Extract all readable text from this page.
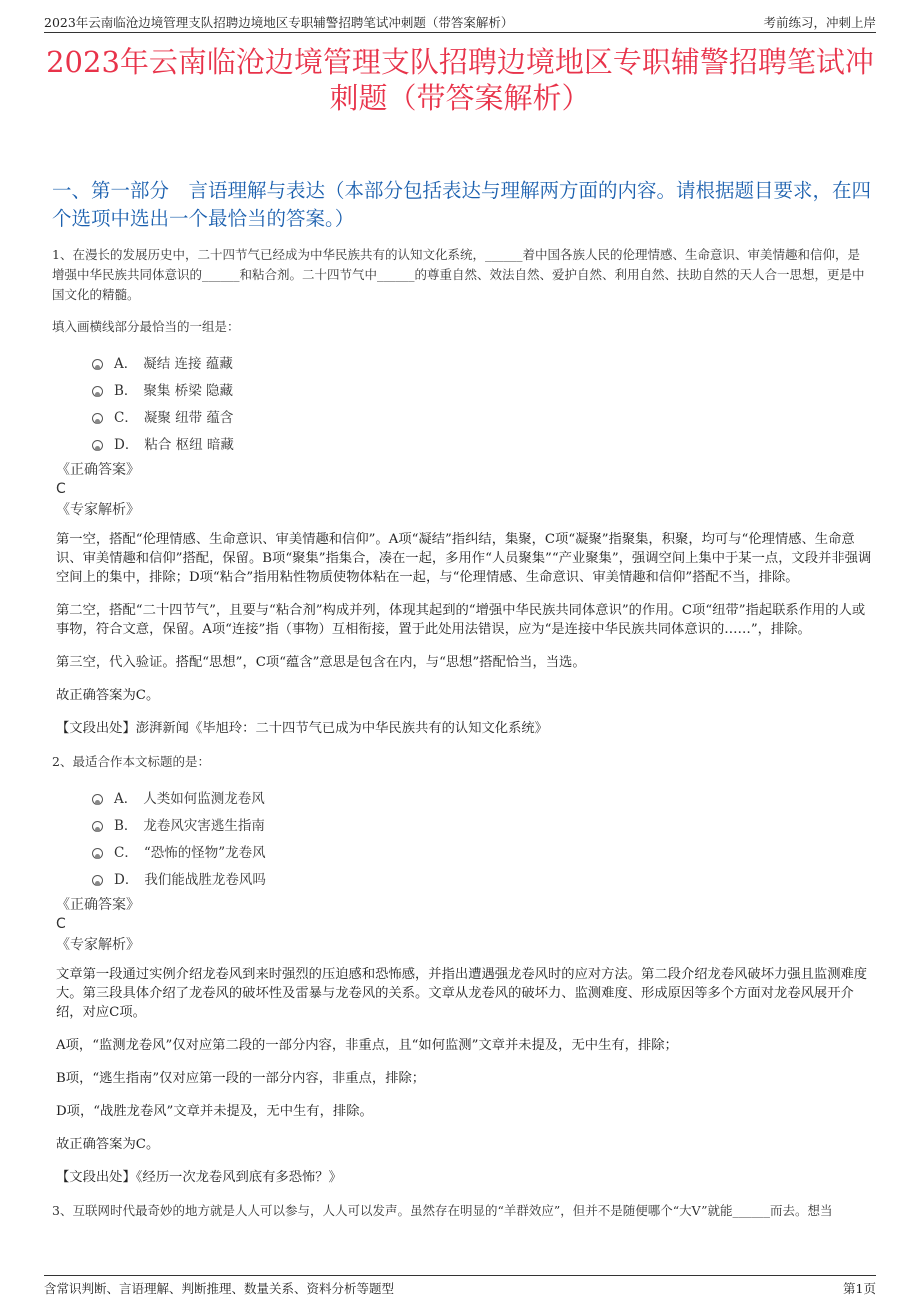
2023年云南临沧边境管理支队招聘边境地区专职辅警招聘笔试冲刺题（带答案解析）	考前练习，冲刺上岸
2023年云南临沧边境管理支队招聘边境地区专职辅警招聘笔试冲刺题（带答案解析）
一、第一部分　言语理解与表达（本部分包括表达与理解两方面的内容。请根据题目要求，在四个选项中选出一个最恰当的答案。）

1、在漫长的发展历史中，二十四节气已经成为中华民族共有的认知文化系统，______着中国各族人民的伦理情感、生命意识、审美情趣和信仰，是增强中华民族共同体意识的______和粘合剂。二十四节气中______的尊重自然、效法自然、爱护自然、利用自然、扶助自然的天人合一思想，更是中国文化的精髓。

填入画横线部分最恰当的一组是：

A． 凝结 连接 蕴藏
B． 聚集 桥梁 隐藏
C． 凝聚 纽带 蕴含
D． 粘合 枢纽 暗藏
《正确答案》
C
《专家解析》

第一空，搭配“伦理情感、生命意识、审美情趣和信仰”。A项“凝结”指纠结，集聚，C项“凝聚”指聚集，积聚，均可与“伦理情感、生命意识、审美情趣和信仰”搭配，保留。B项“聚集”指集合，凑在一起，多用作“人员聚集”“产业聚集”，强调空间上集中于某一点，文段并非强调空间上的集中，排除；D项“粘合”指用粘性物质使物体粘在一起，与“伦理情感、生命意识、审美情趣和信仰”搭配不当，排除。

第二空，搭配“二十四节气”，且要与“粘合剂”构成并列，体现其起到的“增强中华民族共同体意识”的作用。C项“纽带”指起联系作用的人或事物，符合文意，保留。A项“连接”指（事物）互相衔接，置于此处用法错误，应为“是连接中华民族共同体意识的……”，排除。

第三空，代入验证。搭配“思想”，C项“蕴含”意思是包含在内，与“思想”搭配恰当，当选。

故正确答案为C。

【文段出处】澎湃新闻《毕旭玲：二十四节气已成为中华民族共有的认知文化系统》

2、最适合作本文标题的是：

A． 人类如何监测龙卷风
B． 龙卷风灾害逃生指南
C． “恐怖的怪物”龙卷风
D． 我们能战胜龙卷风吗
《正确答案》
C
《专家解析》

文章第一段通过实例介绍龙卷风到来时强烈的压迫感和恐怖感，并指出遭遇强龙卷风时的应对方法。第二段介绍龙卷风破坏力强且监测难度大。第三段具体介绍了龙卷风的破坏性及雷暴与龙卷风的关系。文章从龙卷风的破坏力、监测难度、形成原因等多个方面对龙卷风展开介绍，对应C项。

A项，“监测龙卷风”仅对应第二段的一部分内容，非重点，且“如何监测”文章并未提及，无中生有，排除；

B项，“逃生指南”仅对应第一段的一部分内容，非重点，排除；

D项，“战胜龙卷风”文章并未提及，无中生有，排除。

故正确答案为C。

【文段出处】《经历一次龙卷风到底有多恐怖？》

3、互联网时代最奇妙的地方就是人人可以参与，人人可以发声。虽然存在明显的“羊群效应”，但并不是随便哪个“大V”就能______而去。想当

含常识判断、言语理解、判断推理、数量关系、资料分析等题型	第1页
